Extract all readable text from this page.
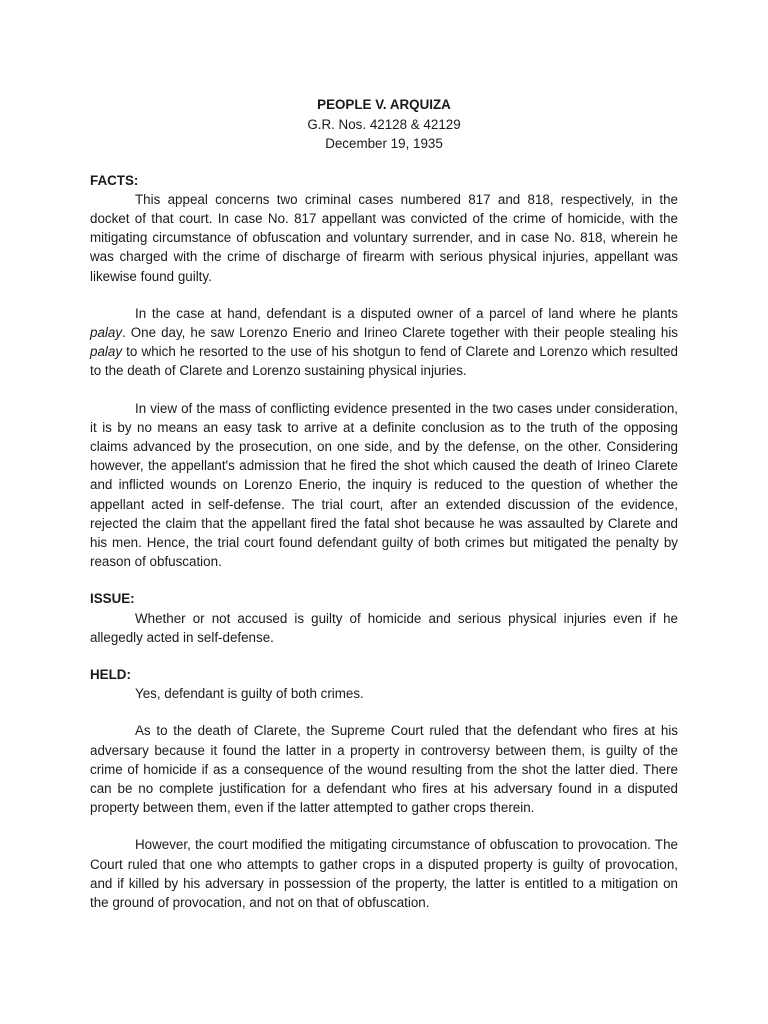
PEOPLE V. ARQUIZA
G.R. Nos. 42128 & 42129
December 19, 1935
FACTS:

This appeal concerns two criminal cases numbered 817 and 818, respectively, in the docket of that court. In case No. 817 appellant was convicted of the crime of homicide, with the mitigating circumstance of obfuscation and voluntary surrender, and in case No. 818, wherein he was charged with the crime of discharge of firearm with serious physical injuries, appellant was likewise found guilty.

In the case at hand, defendant is a disputed owner of a parcel of land where he plants palay. One day, he saw Lorenzo Enerio and Irineo Clarete together with their people stealing his palay to which he resorted to the use of his shotgun to fend of Clarete and Lorenzo which resulted to the death of Clarete and Lorenzo sustaining physical injuries.

In view of the mass of conflicting evidence presented in the two cases under consideration, it is by no means an easy task to arrive at a definite conclusion as to the truth of the opposing claims advanced by the prosecution, on one side, and by the defense, on the other. Considering however, the appellant's admission that he fired the shot which caused the death of Irineo Clarete and inflicted wounds on Lorenzo Enerio, the inquiry is reduced to the question of whether the appellant acted in self-defense. The trial court, after an extended discussion of the evidence, rejected the claim that the appellant fired the fatal shot because he was assaulted by Clarete and his men. Hence, the trial court found defendant guilty of both crimes but mitigated the penalty by reason of obfuscation.

ISSUE:

Whether or not accused is guilty of homicide and serious physical injuries even if he allegedly acted in self-defense.

HELD:

Yes, defendant is guilty of both crimes.

As to the death of Clarete, the Supreme Court ruled that the defendant who fires at his adversary because it found the latter in a property in controversy between them, is guilty of the crime of homicide if as a consequence of the wound resulting from the shot the latter died. There can be no complete justification for a defendant who fires at his adversary found in a disputed property between them, even if the latter attempted to gather crops therein.

However, the court modified the mitigating circumstance of obfuscation to provocation. The Court ruled that one who attempts to gather crops in a disputed property is guilty of provocation, and if killed by his adversary in possession of the property, the latter is entitled to a mitigation on the ground of provocation, and not on that of obfuscation.
